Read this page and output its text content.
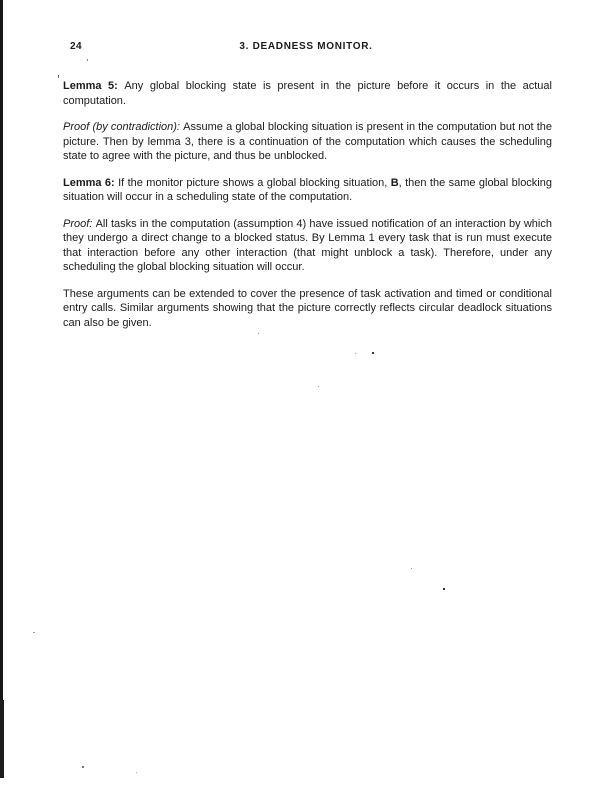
24	3. DEADNESS MONITOR.

Lemma 5: Any global blocking state is present in the picture before it occurs in the actual computation.

Proof (by contradiction): Assume a global blocking situation is present in the computation but not the picture. Then by lemma 3, there is a continuation of the computation which causes the scheduling state to agree with the picture, and thus be unblocked.

Lemma 6: If the monitor picture shows a global blocking situation, B, then the same global blocking situation will occur in a scheduling state of the computation.

Proof: All tasks in the computation (assumption 4) have issued notification of an interaction by which they undergo a direct change to a blocked status. By Lemma 1 every task that is run must execute that interaction before any other interaction (that might unblock a task). Therefore, under any scheduling the global blocking situation will occur.

These arguments can be extended to cover the presence of task activation and timed or conditional entry calls. Similar arguments showing that the picture correctly reflects circular deadlock situations can also be given.
